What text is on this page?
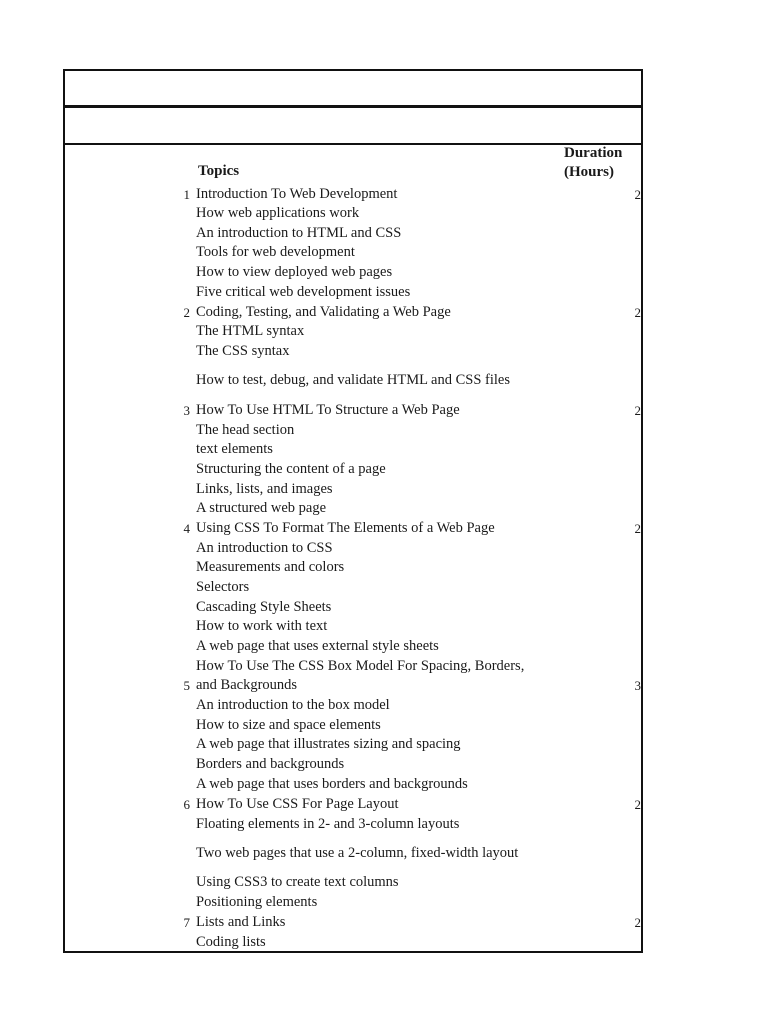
Topics
Duration
(Hours)
1 Introduction To Web Development	2
How web applications work
An introduction to HTML and CSS
Tools for web development
How to view deployed web pages
Five critical web development issues
2 Coding, Testing, and Validating a Web Page	2
The HTML syntax
The CSS syntax
How to test, debug, and validate HTML and CSS files
3 How To Use HTML To Structure a Web Page	2
The head section
text elements
Structuring the content of a page
Links, lists, and images
A structured web page
4 Using CSS To Format The Elements of a Web Page	2
An introduction to CSS
Measurements and colors
Selectors
Cascading Style Sheets
How to work with text
A web page that uses external style sheets
How To Use The CSS Box Model For Spacing, Borders,
5 and Backgrounds	3
An introduction to the box model
How to size and space elements
A web page that illustrates sizing and spacing
Borders and backgrounds
A web page that uses borders and backgrounds
6 How To Use CSS For Page Layout	2
Floating elements in 2- and 3-column layouts
Two web pages that use a 2-column, fixed-width layout
Using CSS3 to create text columns
Positioning elements
7 Lists and Links	2
Coding lists
